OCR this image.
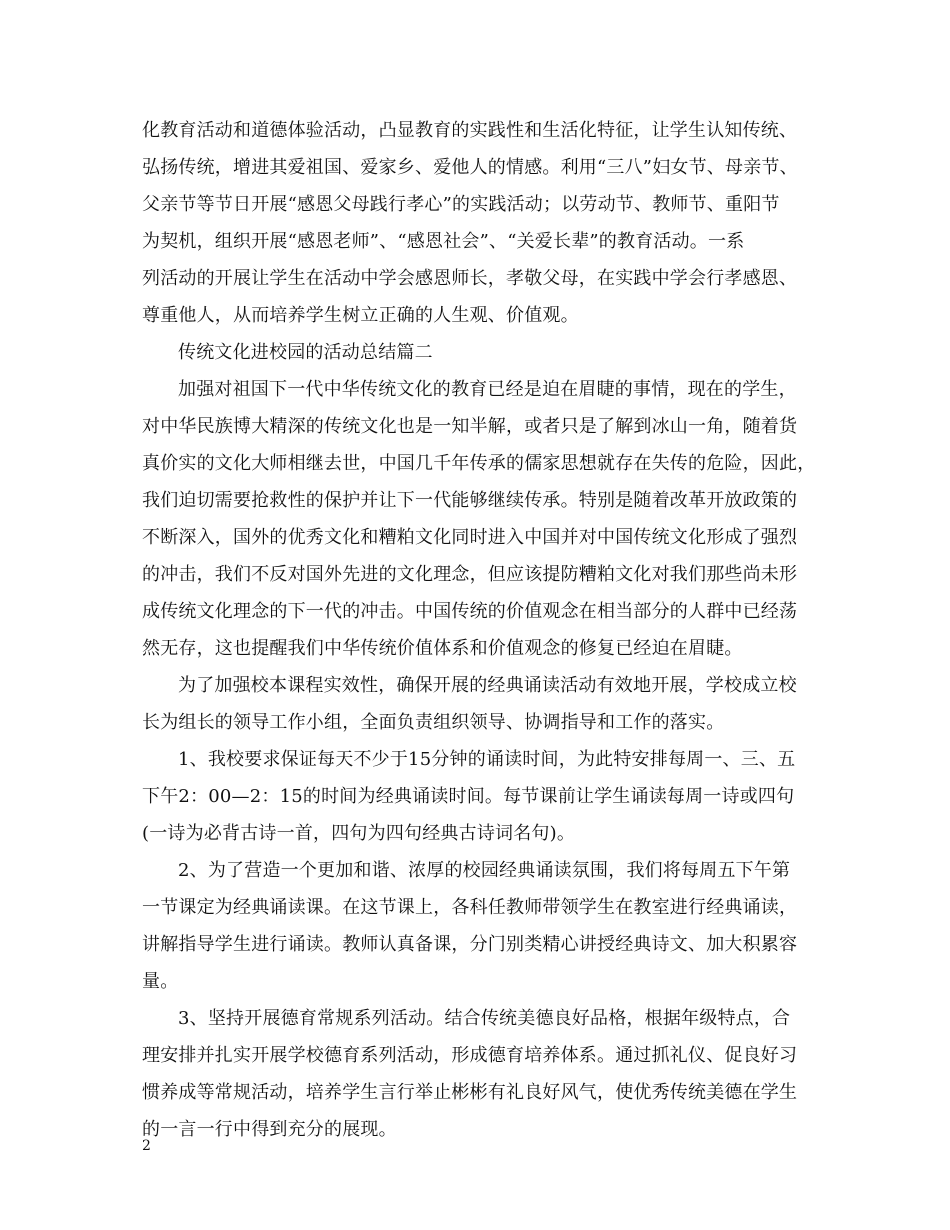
化教育活动和道德体验活动，凸显教育的实践性和生活化特征，让学生认知传统、
弘扬传统，增进其爱祖国、爱家乡、爱他人的情感。利用“三八”妇女节、母亲节、
父亲节等节日开展“感恩父母践行孝心”的实践活动；以劳动节、教师节、重阳节
为契机，组织开展“感恩老师”、“感恩社会”、“关爱长辈”的教育活动。一系
列活动的开展让学生在活动中学会感恩师长，孝敬父母，在实践中学会行孝感恩、
尊重他人，从而培养学生树立正确的人生观、价值观。
传统文化进校园的活动总结篇二
加强对祖国下一代中华传统文化的教育已经是迫在眉睫的事情，现在的学生，
对中华民族博大精深的传统文化也是一知半解，或者只是了解到冰山一角，随着货
真价实的文化大师相继去世，中国几千年传承的儒家思想就存在失传的危险，因此，
我们迫切需要抢救性的保护并让下一代能够继续传承。特别是随着改革开放政策的
不断深入，国外的优秀文化和糟粕文化同时进入中国并对中国传统文化形成了强烈
的冲击，我们不反对国外先进的文化理念，但应该提防糟粕文化对我们那些尚未形
成传统文化理念的下一代的冲击。中国传统的价值观念在相当部分的人群中已经荡
然无存，这也提醒我们中华传统价值体系和价值观念的修复已经迫在眉睫。
为了加强校本课程实效性，确保开展的经典诵读活动有效地开展，学校成立校
长为组长的领导工作小组，全面负责组织领导、协调指导和工作的落实。
1、我校要求保证每天不少于15分钟的诵读时间，为此特安排每周一、三、五
下午2：00—2：15的时间为经典诵读时间。每节课前让学生诵读每周一诗或四句
(一诗为必背古诗一首，四句为四句经典古诗词名句)。
2、为了营造一个更加和谐、浓厚的校园经典诵读氛围，我们将每周五下午第
一节课定为经典诵读课。在这节课上，各科任教师带领学生在教室进行经典诵读，
讲解指导学生进行诵读。教师认真备课，分门别类精心讲授经典诗文、加大积累容
量。
3、坚持开展德育常规系列活动。结合传统美德良好品格，根据年级特点，合
理安排并扎实开展学校德育系列活动，形成德育培养体系。通过抓礼仪、促良好习
惯养成等常规活动，培养学生言行举止彬彬有礼良好风气，使优秀传统美德在学生
的一言一行中得到充分的展现。
2
